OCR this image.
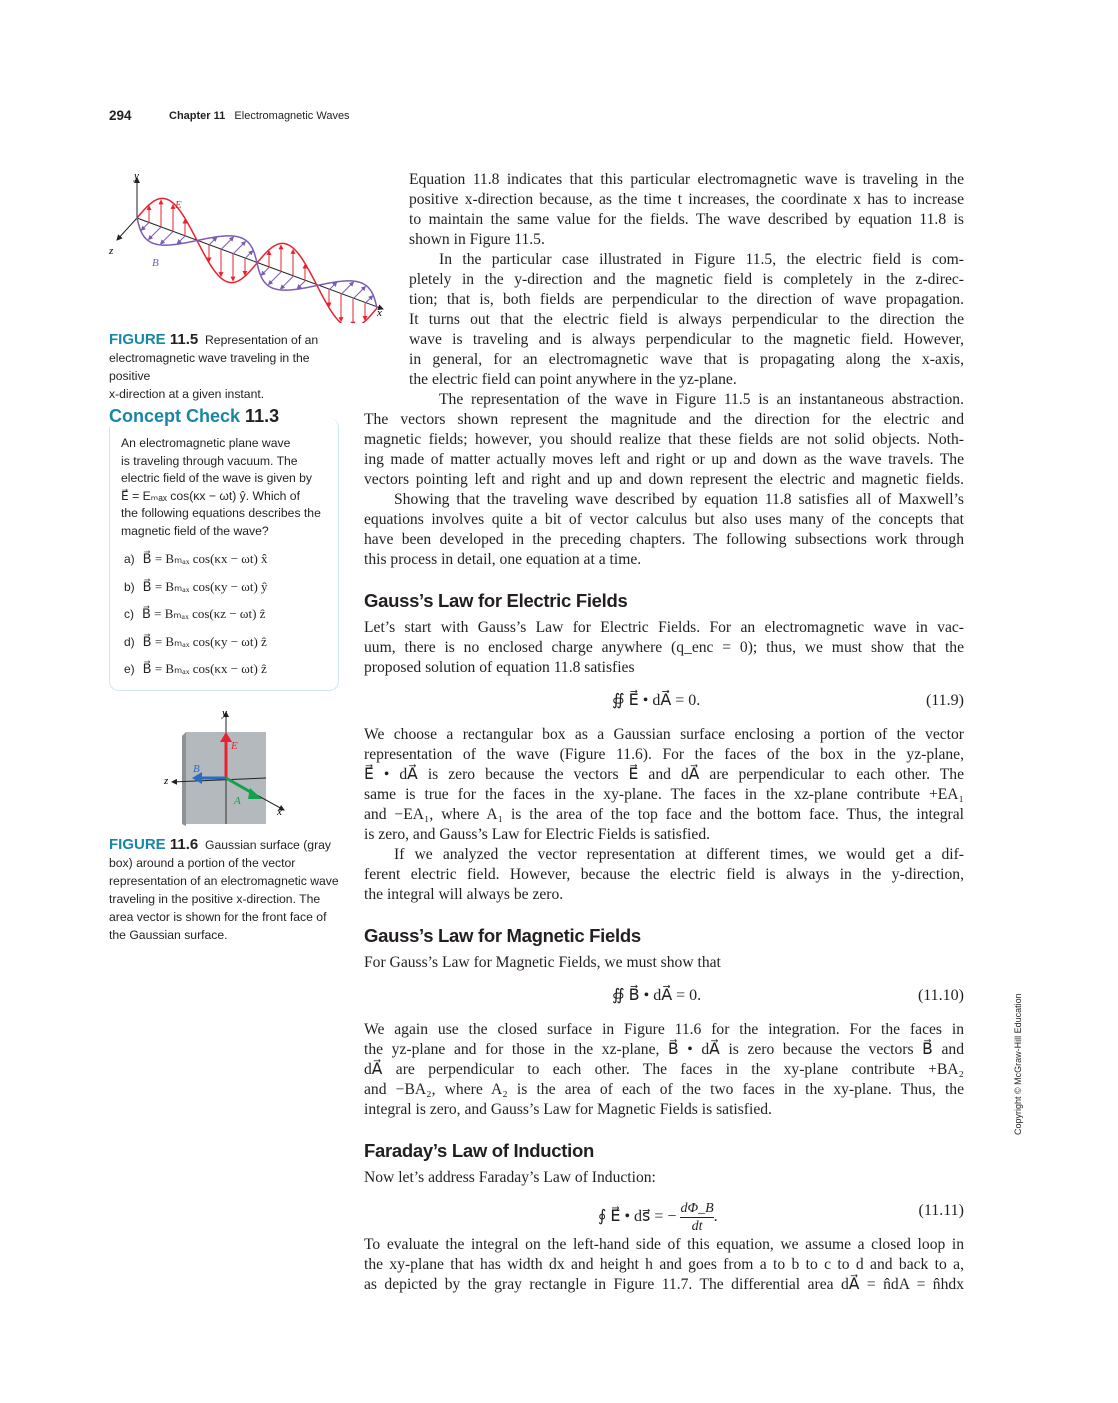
294	Chapter 11 Electromagnetic Waves
y
z
x
E⃗
B⃗
FIGURE 11.5 Representation of an
electromagnetic wave traveling in the positive
x-direction at a given instant.
Concept Check 11.3
An electromagnetic plane wave
is traveling through vacuum. The
electric field of the wave is given by
E⃗ = Eₘₐₓ cos(κx − ωt) ŷ. Which of
the following equations describes the
magnetic field of the wave?
a) B⃗ = Bₘₐₓ cos(κx − ωt) x̂
b) B⃗ = Bₘₐₓ cos(κy − ωt) ŷ
c) B⃗ = Bₘₐₓ cos(κz − ωt) ẑ
d) B⃗ = Bₘₐₓ cos(κy − ωt) ẑ
e) B⃗ = Bₘₐₓ cos(κx − ωt) ẑ
y
z
x
E⃗
B⃗
A⃗
FIGURE 11.6 Gaussian surface (gray
box) around a portion of the vector
representation of an electromagnetic wave
traveling in the positive x-direction. The
area vector is shown for the front face of
the Gaussian surface.
Equation 11.8 indicates that this particular electromagnetic wave is traveling in the
positive x-direction because, as the time t increases, the coordinate x has to increase
to maintain the same value for the fields. The wave described by equation 11.8 is
shown in Figure 11.5.
In the particular case illustrated in Figure 11.5, the electric field is com-
pletely in the y-direction and the magnetic field is completely in the z-direc-
tion; that is, both fields are perpendicular to the direction of wave propagation.
It turns out that the electric field is always perpendicular to the direction the
wave is traveling and is always perpendicular to the magnetic field. However,
in general, for an electromagnetic wave that is propagating along the x-axis,
the electric field can point anywhere in the yz-plane.
The representation of the wave in Figure 11.5 is an instantaneous abstraction.
The vectors shown represent the magnitude and the direction for the electric and
magnetic fields; however, you should realize that these fields are not solid objects. Noth-
ing made of matter actually moves left and right or up and down as the wave travels. The
vectors pointing left and right and up and down represent the electric and magnetic fields.
Showing that the traveling wave described by equation 11.8 satisfies all of Maxwell’s
equations involves quite a bit of vector calculus but also uses many of the concepts that
have been developed in the preceding chapters. The following subsections work through
this process in detail, one equation at a time.
Gauss’s Law for Electric Fields
Let’s start with Gauss’s Law for Electric Fields. For an electromagnetic wave in vac-
uum, there is no enclosed charge anywhere (q_enc = 0); thus, we must show that the
proposed solution of equation 11.8 satisfies
∯ E⃗ • dA⃗ = 0.	(11.9)
We choose a rectangular box as a Gaussian surface enclosing a portion of the vector
representation of the wave (Figure 11.6). For the faces of the box in the yz-plane,
E⃗ • dA⃗ is zero because the vectors E⃗ and dA⃗ are perpendicular to each other. The
same is true for the faces in the xy-plane. The faces in the xz-plane contribute +EA₁
and −EA₁, where A₁ is the area of the top face and the bottom face. Thus, the integral
is zero, and Gauss’s Law for Electric Fields is satisfied.
If we analyzed the vector representation at different times, we would get a dif-
ferent electric field. However, because the electric field is always in the y-direction,
the integral will always be zero.
Gauss’s Law for Magnetic Fields
For Gauss’s Law for Magnetic Fields, we must show that
∯ B⃗ • dA⃗ = 0.	(11.10)
We again use the closed surface in Figure 11.6 for the integration. For the faces in
the yz-plane and for those in the xz-plane, B⃗ • dA⃗ is zero because the vectors B⃗ and
dA⃗ are perpendicular to each other. The faces in the xy-plane contribute +BA₂
and −BA₂, where A₂ is the area of each of the two faces in the xy-plane. Thus, the
integral is zero, and Gauss’s Law for Magnetic Fields is satisfied.
Faraday’s Law of Induction
Now let’s address Faraday’s Law of Induction:
∮ E⃗ • ds⃗ = − $\frac{d\Phi\_B}{dt}$ .	(11.11)
To evaluate the integral on the left-hand side of this equation, we assume a closed loop in
the xy-plane that has width dx and height h and goes from a to b to c to d and back to a,
as depicted by the gray rectangle in Figure 11.7. The differential area dA⃗ = n̂dA = n̂hdx
Copyright © McGraw-Hill Education
